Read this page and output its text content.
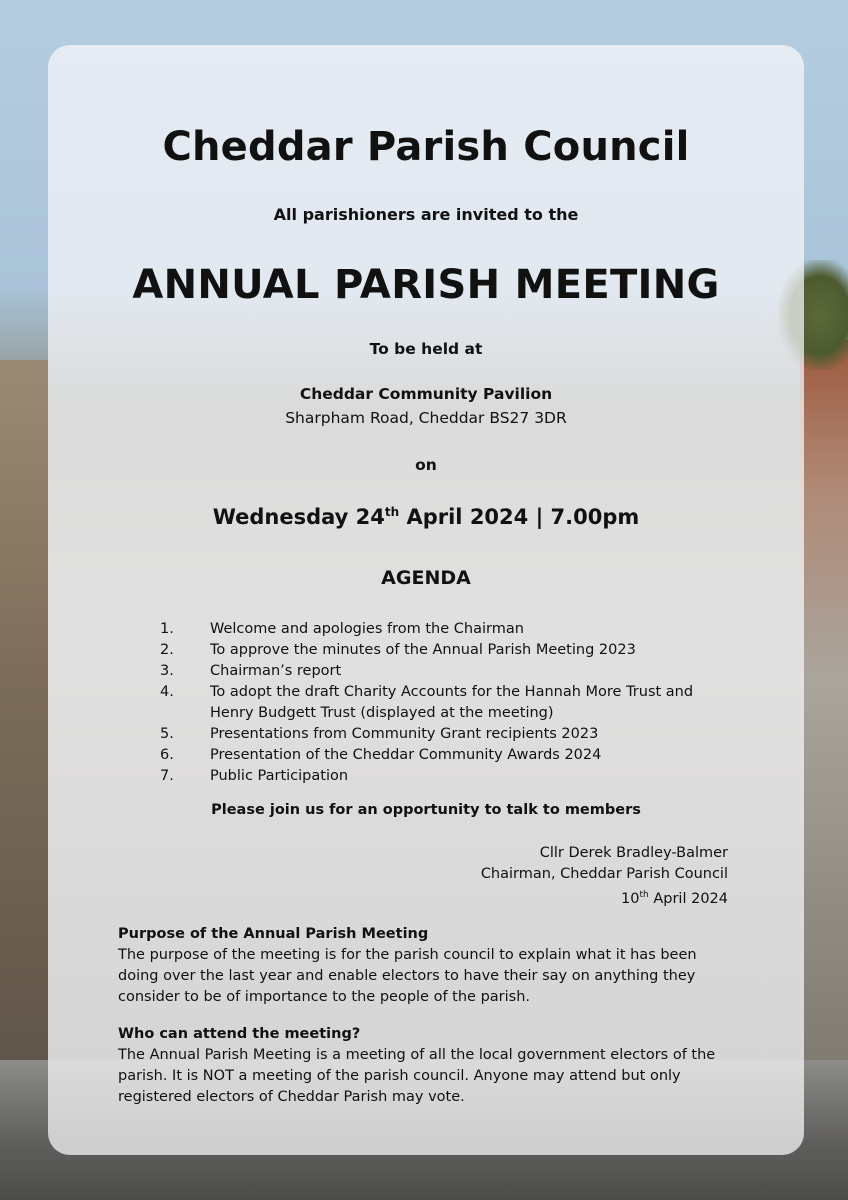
Cheddar Parish Council
All parishioners are invited to the
ANNUAL PARISH MEETING
To be held at
Cheddar Community Pavilion
Sharpham Road, Cheddar BS27 3DR
on
Wednesday 24th April 2024 | 7.00pm
AGENDA
1.	Welcome and apologies from the Chairman
2.	To approve the minutes of the Annual Parish Meeting 2023
3.	Chairman’s report
4.	To adopt the draft Charity Accounts for the Hannah More Trust and Henry Budgett Trust (displayed at the meeting)
5.	Presentations from Community Grant recipients 2023
6.	Presentation of the Cheddar Community Awards 2024
7.	Public Participation
Please join us for an opportunity to talk to members
Cllr Derek Bradley-Balmer
Chairman, Cheddar Parish Council
10th April 2024
Purpose of the Annual Parish Meeting
The purpose of the meeting is for the parish council to explain what it has been doing over the last year and enable electors to have their say on anything they consider to be of importance to the people of the parish.
Who can attend the meeting?
The Annual Parish Meeting is a meeting of all the local government electors of the parish. It is NOT a meeting of the parish council. Anyone may attend but only registered electors of Cheddar Parish may vote.
